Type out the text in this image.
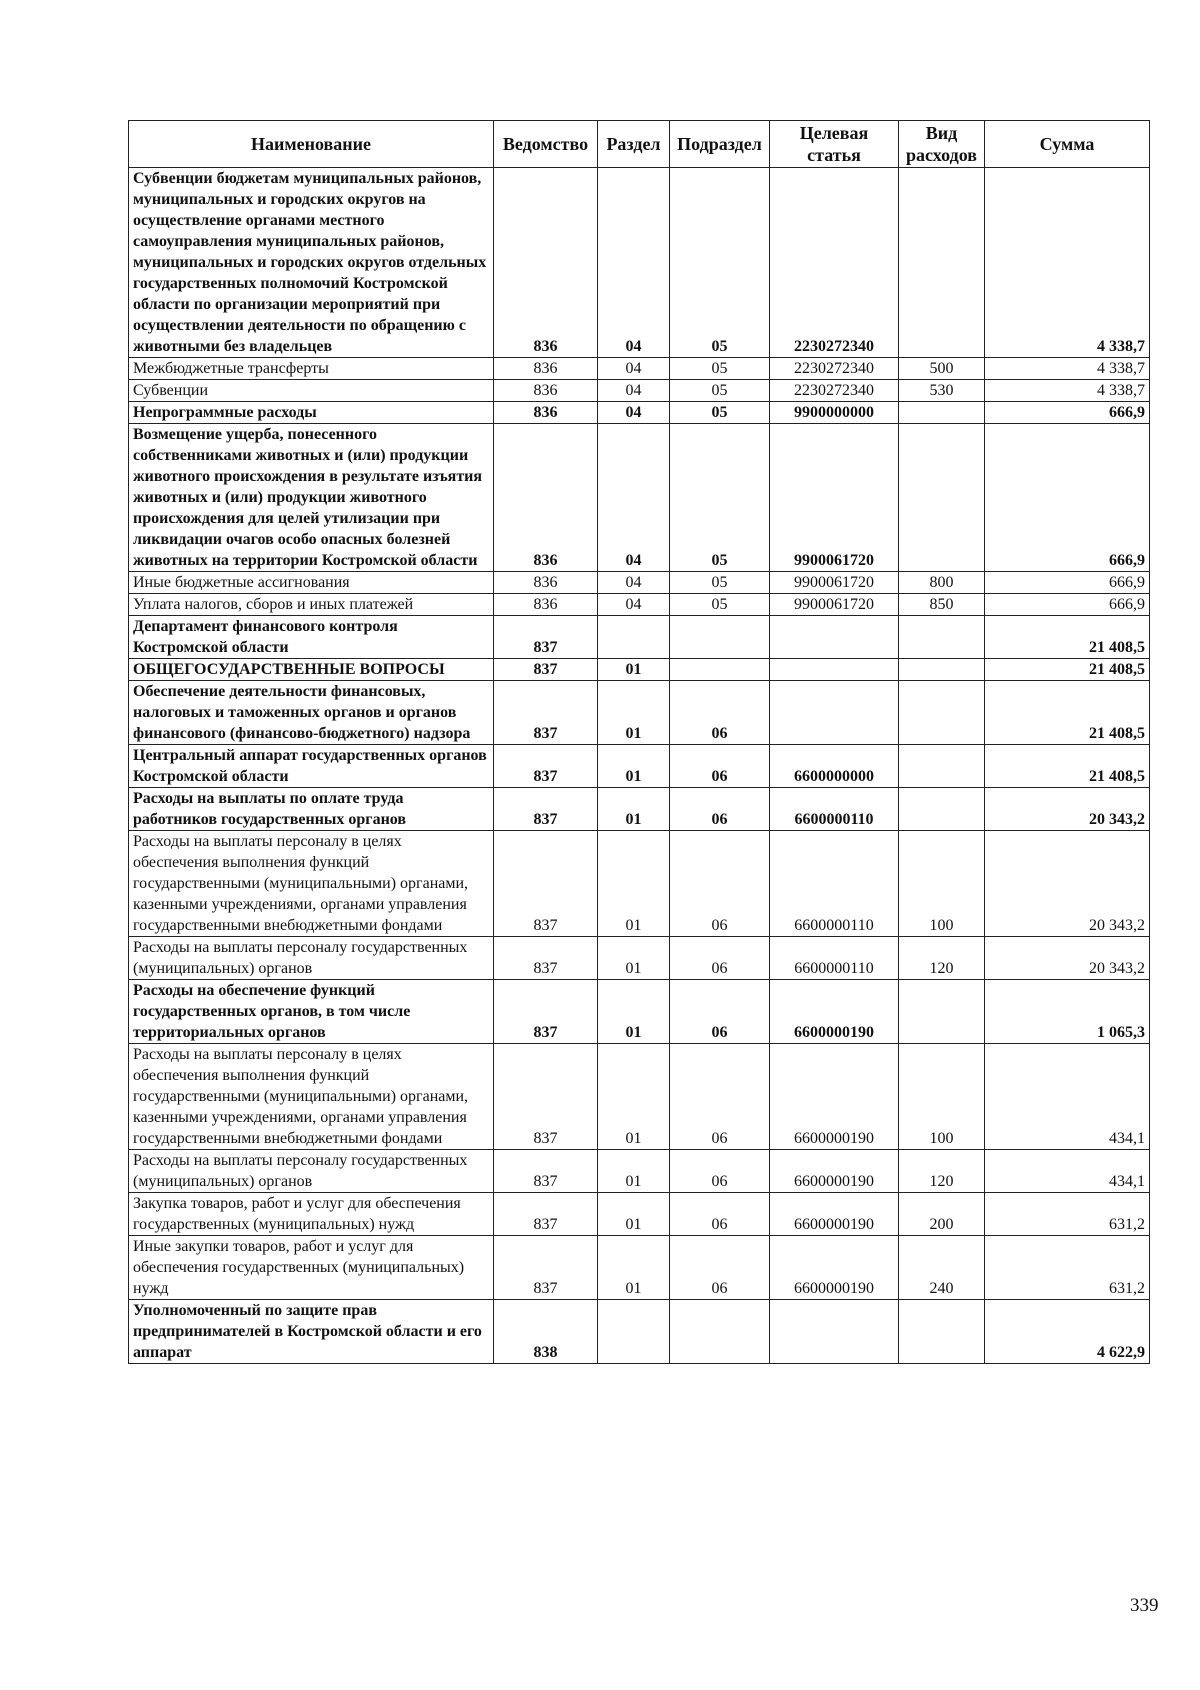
Наименование	Ведомство	Раздел	Подраздел	Целевая статья	Вид расходов	Сумма
Субвенции бюджетам муниципальных районов, муниципальных и городских округов на осуществление органами местного самоуправления муниципальных районов, муниципальных и городских округов отдельных государственных полномочий Костромской области по организации мероприятий при осуществлении деятельности по обращению с животными без владельцев	836	04	05	2230272340		4 338,7
Межбюджетные трансферты	836	04	05	2230272340	500	4 338,7
Субвенции	836	04	05	2230272340	530	4 338,7
Непрограммные расходы	836	04	05	9900000000		666,9
Возмещение ущерба, понесенного собственниками животных и (или) продукции животного происхождения в результате изъятия животных и (или) продукции животного происхождения для целей утилизации при ликвидации очагов особо опасных болезней животных на территории Костромской области	836	04	05	9900061720		666,9
Иные бюджетные ассигнования	836	04	05	9900061720	800	666,9
Уплата налогов, сборов и иных платежей	836	04	05	9900061720	850	666,9
Департамент финансового контроля Костромской области	837					21 408,5
ОБЩЕГОСУДАРСТВЕННЫЕ ВОПРОСЫ	837	01				21 408,5
Обеспечение деятельности финансовых, налоговых и таможенных органов и органов финансового (финансово-бюджетного) надзора	837	01	06			21 408,5
Центральный аппарат государственных органов Костромской области	837	01	06	6600000000		21 408,5
Расходы на выплаты по оплате труда работников государственных органов	837	01	06	6600000110		20 343,2
Расходы на выплаты персоналу в целях обеспечения выполнения функций государственными (муниципальными) органами, казенными учреждениями, органами управления государственными внебюджетными фондами	837	01	06	6600000110	100	20 343,2
Расходы на выплаты персоналу государственных (муниципальных) органов	837	01	06	6600000110	120	20 343,2
Расходы на обеспечение функций государственных органов, в том числе территориальных органов	837	01	06	6600000190		1 065,3
Расходы на выплаты персоналу в целях обеспечения выполнения функций государственными (муниципальными) органами, казенными учреждениями, органами управления государственными внебюджетными фондами	837	01	06	6600000190	100	434,1
Расходы на выплаты персоналу государственных (муниципальных) органов	837	01	06	6600000190	120	434,1
Закупка товаров, работ и услуг для обеспечения государственных (муниципальных) нужд	837	01	06	6600000190	200	631,2
Иные закупки товаров, работ и услуг для обеспечения государственных (муниципальных) нужд	837	01	06	6600000190	240	631,2
Уполномоченный по защите прав предпринимателей в Костромской области и его аппарат	838					4 622,9
339
